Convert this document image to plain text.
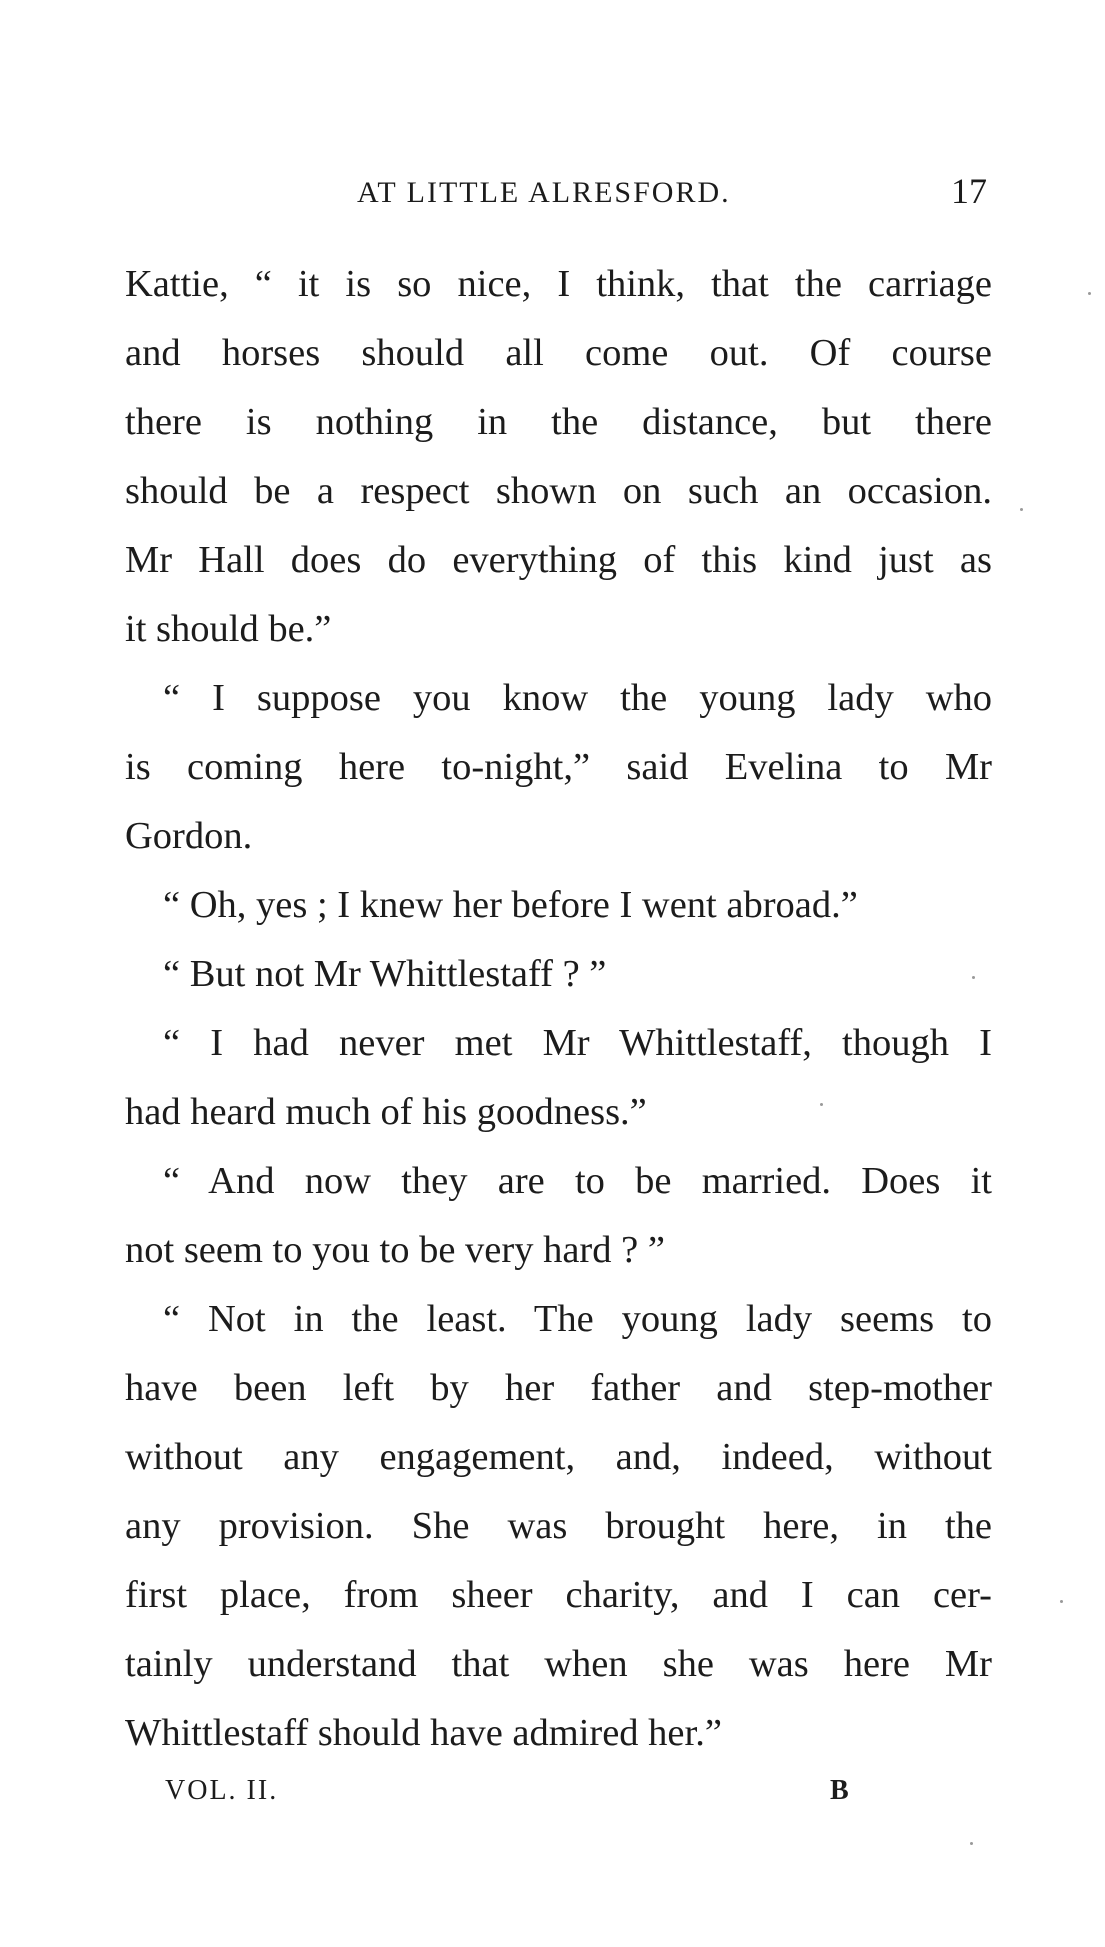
AT LITTLE ALRESFORD.	17
Kattie, “ it is so nice, I think, that the carriage
and horses should all come out. Of course
there is nothing in the distance, but there
should be a respect shown on such an occasion.
Mr Hall does do everything of this kind just as
it should be.”
“ I suppose you know the young lady who
is coming here to-night,” said Evelina to Mr
Gordon.
“ Oh, yes ; I knew her before I went abroad.”
“ But not Mr Whittlestaff ? ”
“ I had never met Mr Whittlestaff, though I
had heard much of his goodness.”
“ And now they are to be married. Does it
not seem to you to be very hard ? ”
“ Not in the least. The young lady seems to
have been left by her father and step-mother
without any engagement, and, indeed, without
any provision. She was brought here, in the
first place, from sheer charity, and I can cer-
tainly understand that when she was here Mr
Whittlestaff should have admired her.”
VOL. II.	B
